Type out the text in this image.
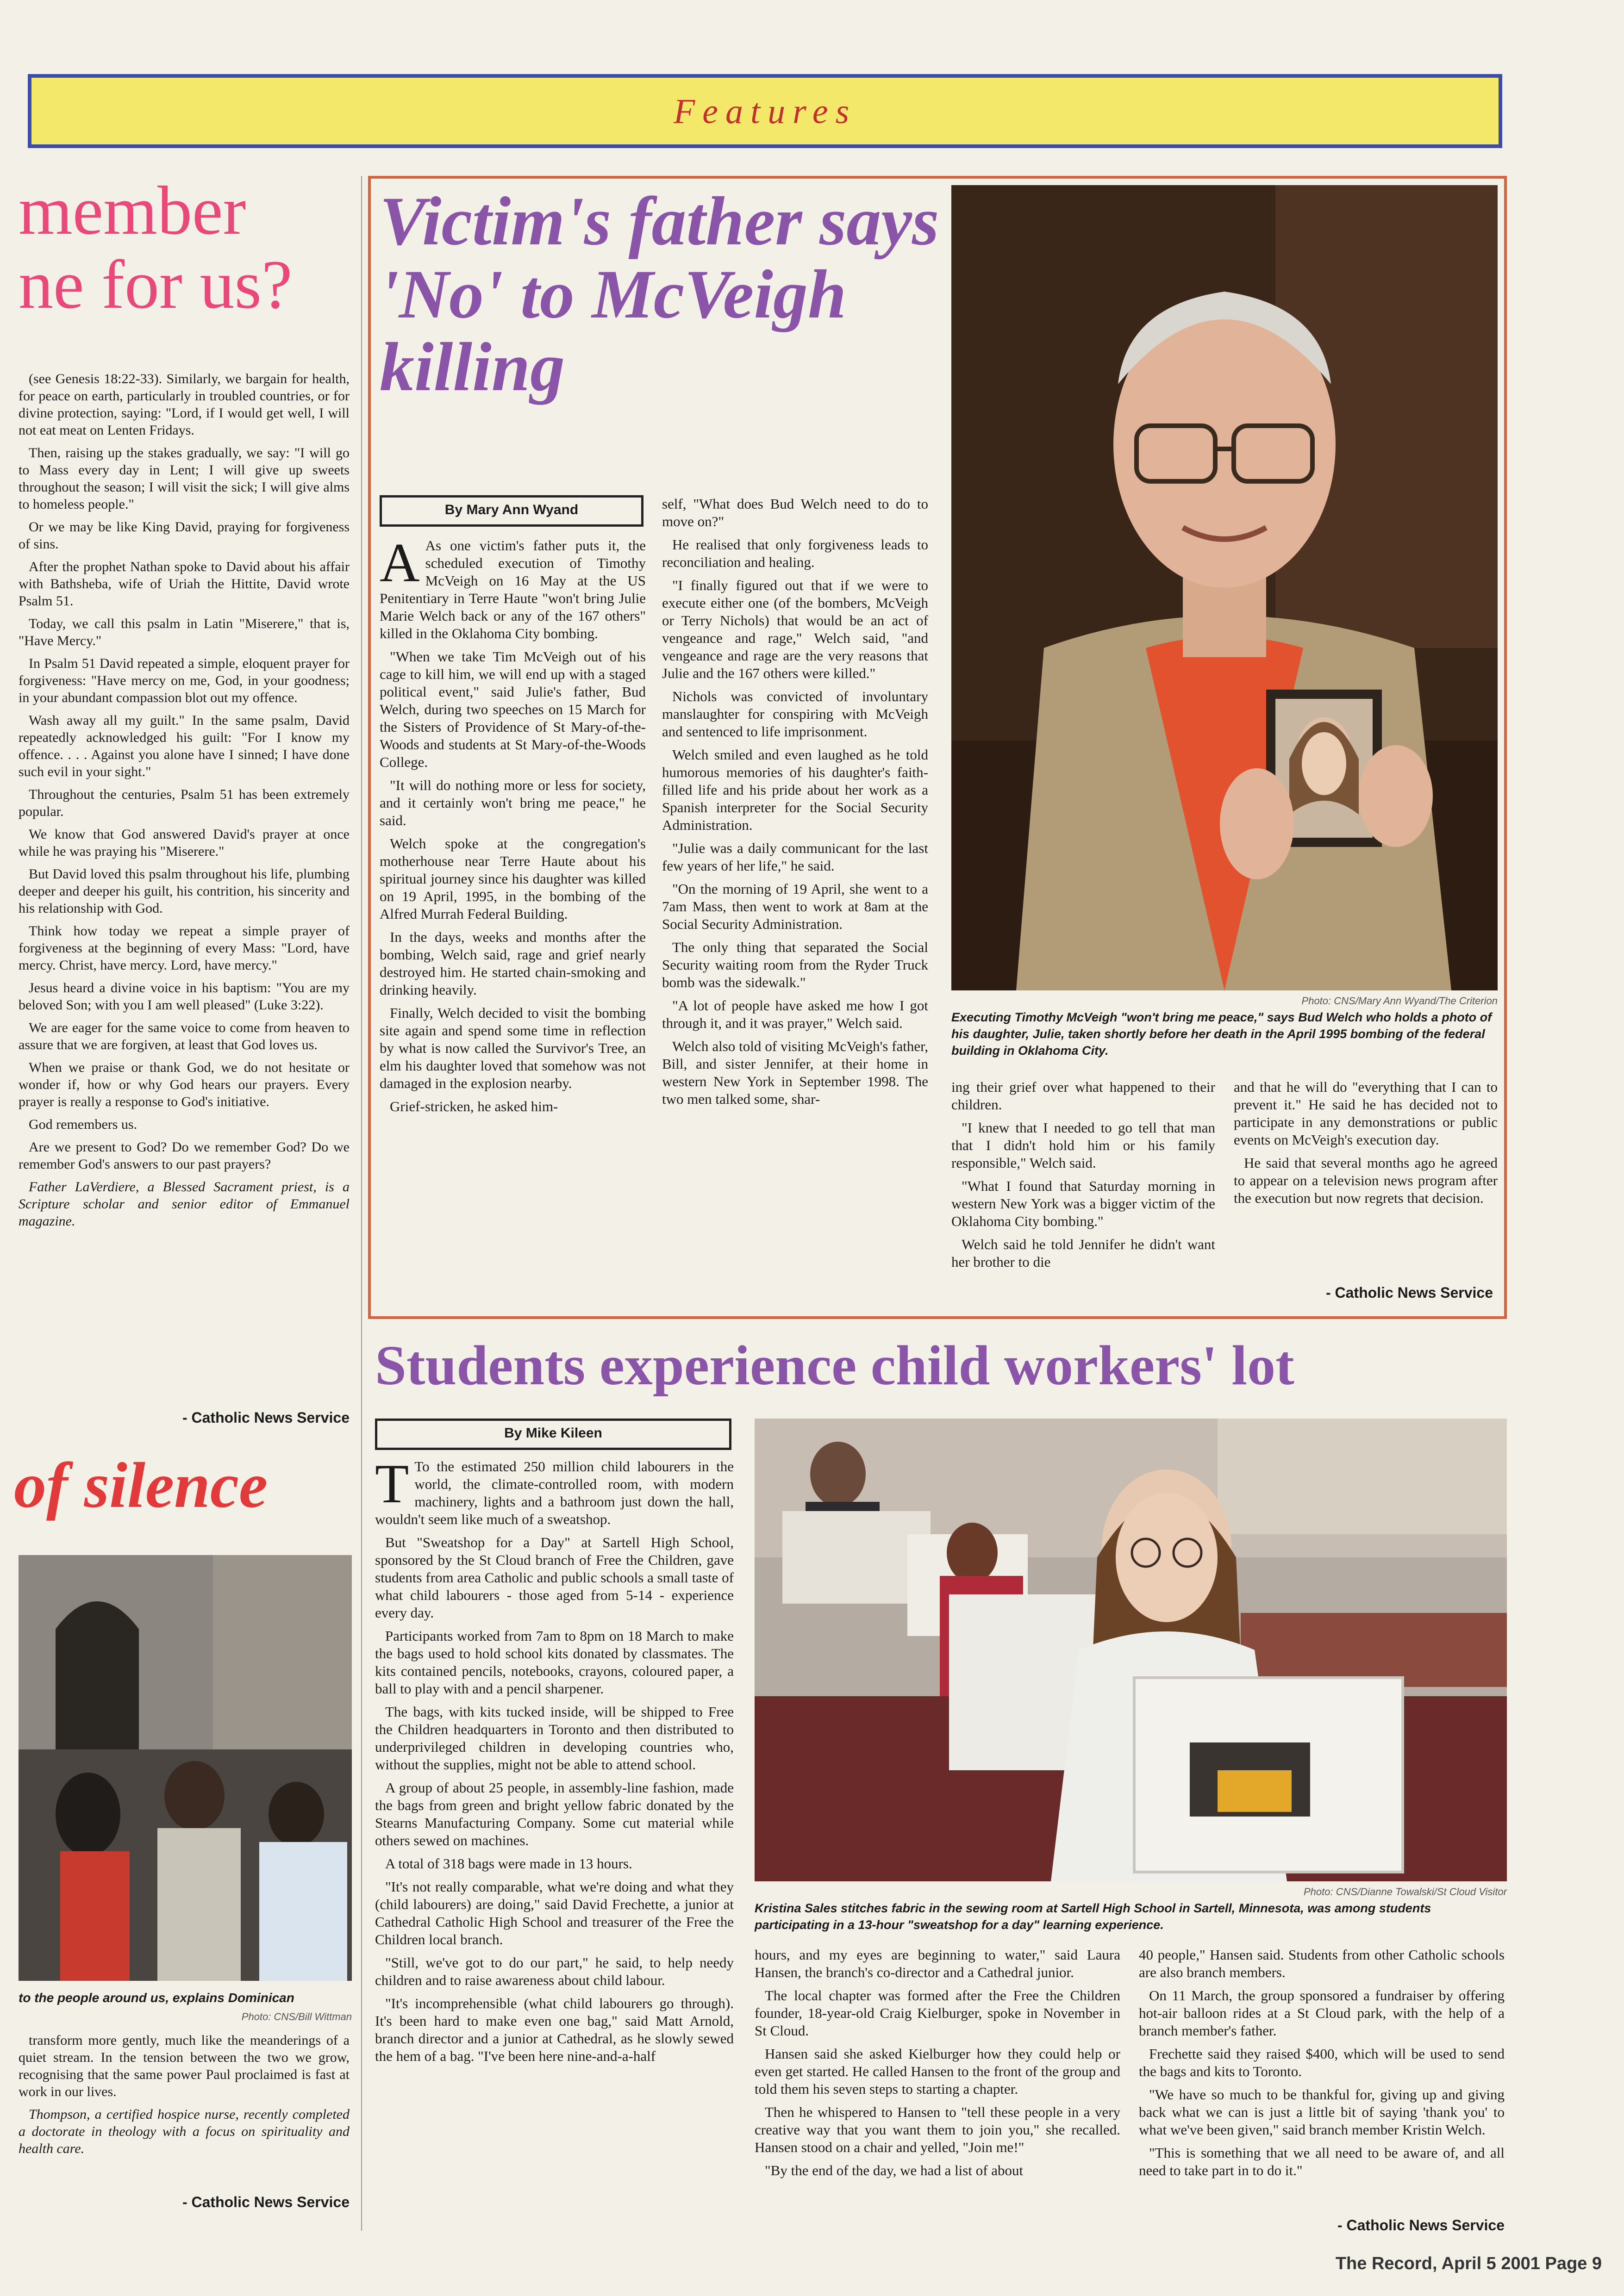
Features
member
ne for us?

(see Genesis 18:22-33). Similarly, we bargain for health, for peace on earth, particularly in troubled countries, or for divine protection, saying: "Lord, if I would get well, I will not eat meat on Lenten Fridays.

Then, raising up the stakes gradually, we say: "I will go to Mass every day in Lent; I will give up sweets throughout the season; I will visit the sick; I will give alms to homeless people."

Or we may be like King David, praying for forgiveness of sins.

After the prophet Nathan spoke to David about his affair with Bathsheba, wife of Uriah the Hittite, David wrote Psalm 51.

Today, we call this psalm in Latin "Miserere," that is, "Have Mercy."

In Psalm 51 David repeated a simple, eloquent prayer for forgiveness: "Have mercy on me, God, in your goodness; in your abundant compassion blot out my offence.

Wash away all my guilt." In the same psalm, David repeatedly acknowledged his guilt: "For I know my offence. . . . Against you alone have I sinned; I have done such evil in your sight."

Throughout the centuries, Psalm 51 has been extremely popular.

We know that God answered David's prayer at once while he was praying his "Miserere."

But David loved this psalm throughout his life, plumbing deeper and deeper his guilt, his contrition, his sincerity and his relationship with God.

Think how today we repeat a simple prayer of forgiveness at the beginning of every Mass: "Lord, have mercy. Christ, have mercy. Lord, have mercy."

Jesus heard a divine voice in his baptism: "You are my beloved Son; with you I am well pleased" (Luke 3:22).

We are eager for the same voice to come from heaven to assure that we are forgiven, at least that God loves us.

When we praise or thank God, we do not hesitate or wonder if, how or why God hears our prayers. Every prayer is really a response to God's initiative.

God remembers us.

Are we present to God? Do we remember God? Do we remember God's answers to our past prayers?

Father LaVerdiere, a Blessed Sacrament priest, is a Scripture scholar and senior editor of Emmanuel magazine.

- Catholic News Service
of silence
to the people around us, explains Dominican
Photo: CNS/Bill Wittman

transform more gently, much like the meanderings of a quiet stream. In the tension between the two we grow, recognising that the same power Paul proclaimed is fast at work in our lives.

Thompson, a certified hospice nurse, recently completed a doctorate in theology with a focus on spirituality and health care.

- Catholic News Service
Victim's father says 'No' to McVeigh killing
By Mary Ann Wyand

A As one victim's father puts it, the scheduled execution of Timothy McVeigh on 16 May at the US Penitentiary in Terre Haute "won't bring Julie Marie Welch back or any of the 167 others" killed in the Oklahoma City bombing.

"When we take Tim McVeigh out of his cage to kill him, we will end up with a staged political event," said Julie's father, Bud Welch, during two speeches on 15 March for the Sisters of Providence of St Mary-of-the-Woods and students at St Mary-of-the-Woods College.

"It will do nothing more or less for society, and it certainly won't bring me peace," he said.

Welch spoke at the congregation's motherhouse near Terre Haute about his spiritual journey since his daughter was killed on 19 April, 1995, in the bombing of the Alfred Murrah Federal Building.

In the days, weeks and months after the bombing, Welch said, rage and grief nearly destroyed him. He started chain-smoking and drinking heavily.

Finally, Welch decided to visit the bombing site again and spend some time in reflection by what is now called the Survivor's Tree, an elm his daughter loved that somehow was not damaged in the explosion nearby.

Grief-stricken, he asked him-

self, "What does Bud Welch need to do to move on?"

He realised that only forgiveness leads to reconciliation and healing.

"I finally figured out that if we were to execute either one (of the bombers, McVeigh or Terry Nichols) that would be an act of vengeance and rage," Welch said, "and vengeance and rage are the very reasons that Julie and the 167 others were killed."

Nichols was convicted of involuntary manslaughter for conspiring with McVeigh and sentenced to life imprisonment.

Welch smiled and even laughed as he told humorous memories of his daughter's faith-filled life and his pride about her work as a Spanish interpreter for the Social Security Administration.

"Julie was a daily communicant for the last few years of her life," he said.

"On the morning of 19 April, she went to a 7am Mass, then went to work at 8am at the Social Security Administration.

The only thing that separated the Social Security waiting room from the Ryder Truck bomb was the sidewalk."

"A lot of people have asked me how I got through it, and it was prayer," Welch said.

Welch also told of visiting McVeigh's father, Bill, and sister Jennifer, at their home in western New York in September 1998. The two men talked some, shar-

Photo: CNS/Mary Ann Wyand/The Criterion
Executing Timothy McVeigh "won't bring me peace," says Bud Welch who holds a photo of his daughter, Julie, taken shortly before her death in the April 1995 bombing of the federal building in Oklahoma City.

ing their grief over what happened to their children.

"I knew that I needed to go tell that man that I didn't hold him or his family responsible," Welch said.

"What I found that Saturday morning in western New York was a bigger victim of the Oklahoma City bombing."

Welch said he told Jennifer he didn't want her brother to die

and that he will do "everything that I can to prevent it." He said he has decided not to participate in any demonstrations or public events on McVeigh's execution day.

He said that several months ago he agreed to appear on a television news program after the execution but now regrets that decision.

- Catholic News Service
Students experience child workers' lot
By Mike Kileen

T To the estimated 250 million child labourers in the world, the climate-controlled room, with modern machinery, lights and a bathroom just down the hall, wouldn't seem like much of a sweatshop.

But "Sweatshop for a Day" at Sartell High School, sponsored by the St Cloud branch of Free the Children, gave students from area Catholic and public schools a small taste of what child labourers - those aged from 5-14 - experience every day.

Participants worked from 7am to 8pm on 18 March to make the bags used to hold school kits donated by classmates. The kits contained pencils, notebooks, crayons, coloured paper, a ball to play with and a pencil sharpener.

The bags, with kits tucked inside, will be shipped to Free the Children headquarters in Toronto and then distributed to underprivileged children in developing countries who, without the supplies, might not be able to attend school.

A group of about 25 people, in assembly-line fashion, made the bags from green and bright yellow fabric donated by the Stearns Manufacturing Company. Some cut material while others sewed on machines.

A total of 318 bags were made in 13 hours.

"It's not really comparable, what we're doing and what they (child labourers) are doing," said David Frechette, a junior at Cathedral Catholic High School and treasurer of the Free the Children local branch.

"Still, we've got to do our part," he said, to help needy children and to raise awareness about child labour.

"It's incomprehensible (what child labourers go through). It's been hard to make even one bag," said Matt Arnold, branch director and a junior at Cathedral, as he slowly sewed the hem of a bag. "I've been here nine-and-a-half

Photo: CNS/Dianne Towalski/St Cloud Visitor
Kristina Sales stitches fabric in the sewing room at Sartell High School in Sartell, Minnesota, was among students participating in a 13-hour "sweatshop for a day" learning experience.

hours, and my eyes are beginning to water," said Laura Hansen, the branch's co-director and a Cathedral junior.

The local chapter was formed after the Free the Children founder, 18-year-old Craig Kielburger, spoke in November in St Cloud.

Hansen said she asked Kielburger how they could help or even get started. He called Hansen to the front of the group and told them his seven steps to starting a chapter.

Then he whispered to Hansen to "tell these people in a very creative way that you want them to join you," she recalled. Hansen stood on a chair and yelled, "Join me!"

"By the end of the day, we had a list of about

40 people," Hansen said. Students from other Catholic schools are also branch members.

On 11 March, the group sponsored a fundraiser by offering hot-air balloon rides at a St Cloud park, with the help of a branch member's father.

Frechette said they raised $400, which will be used to send the bags and kits to Toronto.

"We have so much to be thankful for, giving up and giving back what we can is just a little bit of saying 'thank you' to what we've been given," said branch member Kristin Welch.

"This is something that we all need to be aware of, and all need to take part in to do it."

- Catholic News Service
The Record, April 5 2001 Page 9
